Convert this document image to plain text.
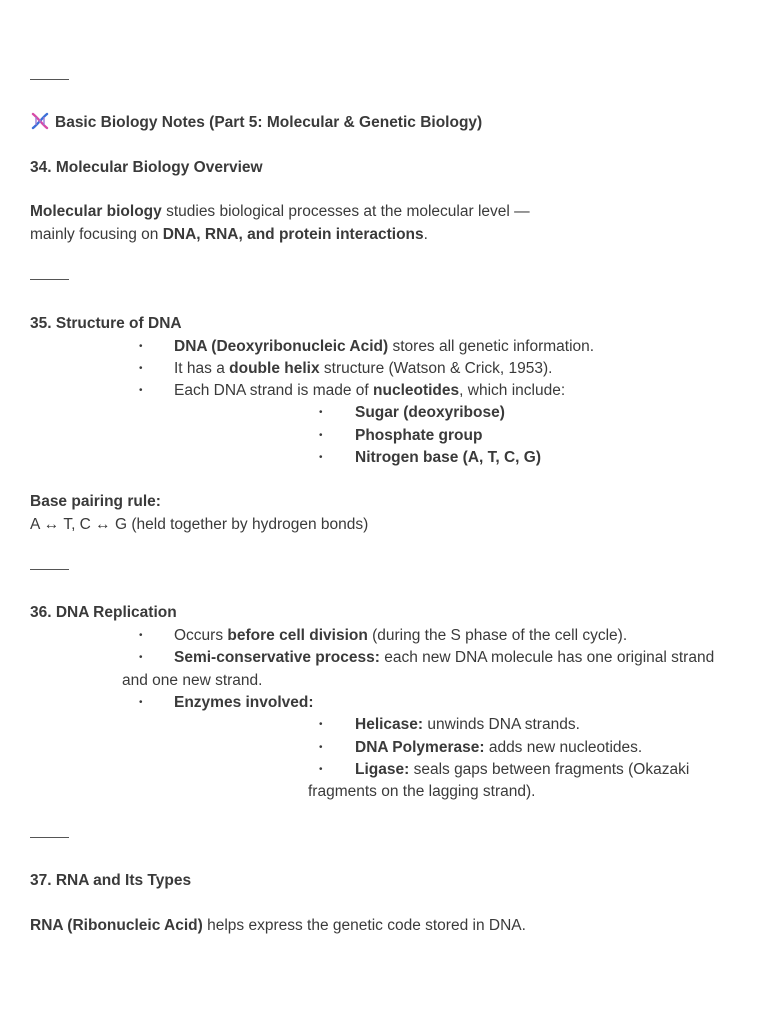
Basic Biology Notes (Part 5: Molecular & Genetic Biology)
34. Molecular Biology Overview
Molecular biology studies biological processes at the molecular level —
mainly focusing on DNA, RNA, and protein interactions.
35. Structure of DNA
• DNA (Deoxyribonucleic Acid) stores all genetic information.
• It has a double helix structure (Watson & Crick, 1953).
• Each DNA strand is made of nucleotides, which include:
• Sugar (deoxyribose)
• Phosphate group
• Nitrogen base (A, T, C, G)
Base pairing rule:
A ↔ T, C ↔ G (held together by hydrogen bonds)
36. DNA Replication
• Occurs before cell division (during the S phase of the cell cycle).
• Semi-conservative process: each new DNA molecule has one original strand
and one new strand.
• Enzymes involved:
• Helicase: unwinds DNA strands.
• DNA Polymerase: adds new nucleotides.
• Ligase: seals gaps between fragments (Okazaki
fragments on the lagging strand).
37. RNA and Its Types
RNA (Ribonucleic Acid) helps express the genetic code stored in DNA.
